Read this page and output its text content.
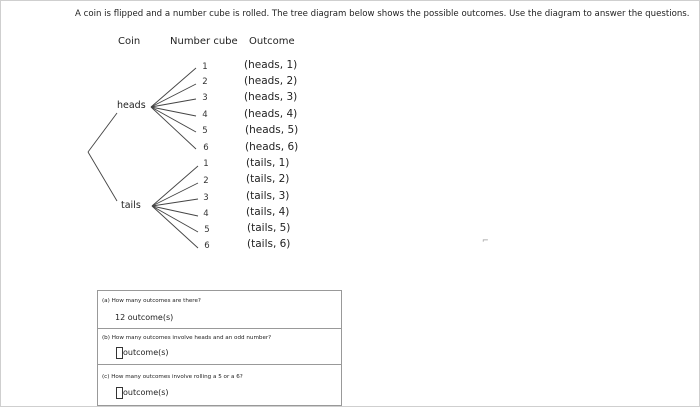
A coin is flipped and a number cube is rolled. The tree diagram below shows the possible outcomes. Use the diagram to answer the questions.
Coin	Number cube Outcome
heads
tails
1
2
3
4
5
6
1
2
3
4
5
6
(heads, 1)
(heads, 2)
(heads, 3)
(heads, 4)
(heads, 5)
(heads, 6)
(tails, 1)
(tails, 2)
(tails, 3)
(tails, 4)
(tails, 5)
(tails, 6)	⌐
(a) How many outcomes are there?
12 outcome(s)
(b) How many outcomes involve heads and an odd number?
outcome(s)
(c) How many outcomes involve rolling a 5 or a 6?
outcome(s)
